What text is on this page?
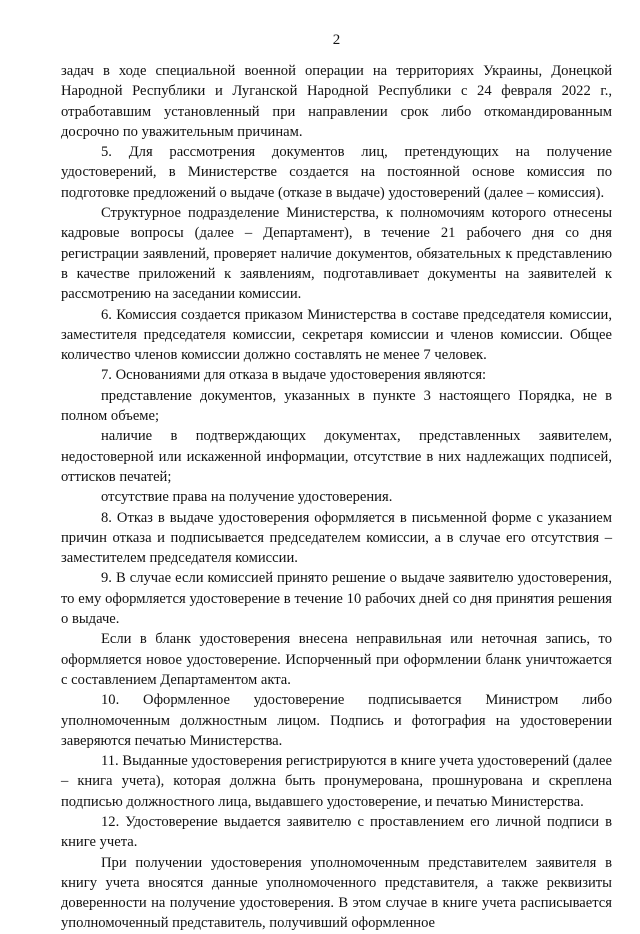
2

задач в ходе специальной военной операции на территориях Украины, Донецкой Народной Республики и Луганской Народной Республики с 24 февраля 2022 г., отработавшим установленный при направлении срок либо откомандированным досрочно по уважительным причинам.

5. Для рассмотрения документов лиц, претендующих на получение удостоверений, в Министерстве создается на постоянной основе комиссия по подготовке предложений о выдаче (отказе в выдаче) удостоверений (далее – комиссия).

Структурное подразделение Министерства, к полномочиям которого отнесены кадровые вопросы (далее – Департамент), в течение 21 рабочего дня со дня регистрации заявлений, проверяет наличие документов, обязательных к представлению в качестве приложений к заявлениям, подготавливает документы на заявителей к рассмотрению на заседании комиссии.

6. Комиссия создается приказом Министерства в составе председателя комиссии, заместителя председателя комиссии, секретаря комиссии и членов комиссии. Общее количество членов комиссии должно составлять не менее 7 человек.

7. Основаниями для отказа в выдаче удостоверения являются:

представление документов, указанных в пункте 3 настоящего Порядка, не в полном объеме;

наличие в подтверждающих документах, представленных заявителем, недостоверной или искаженной информации, отсутствие в них надлежащих подписей, оттисков печатей;

отсутствие права на получение удостоверения.

8. Отказ в выдаче удостоверения оформляется в письменной форме с указанием причин отказа и подписывается председателем комиссии, а в случае его отсутствия – заместителем председателя комиссии.

9. В случае если комиссией принято решение о выдаче заявителю удостоверения, то ему оформляется удостоверение в течение 10 рабочих дней со дня принятия решения о выдаче.

Если в бланк удостоверения внесена неправильная или неточная запись, то оформляется новое удостоверение. Испорченный при оформлении бланк уничтожается с составлением Департаментом акта.

10. Оформленное удостоверение подписывается Министром либо уполномоченным должностным лицом. Подпись и фотография на удостоверении заверяются печатью Министерства.

11. Выданные удостоверения регистрируются в книге учета удостоверений (далее – книга учета), которая должна быть пронумерована, прошнурована и скреплена подписью должностного лица, выдавшего удостоверение, и печатью Министерства.

12. Удостоверение выдается заявителю с проставлением его личной подписи в книге учета.

При получении удостоверения уполномоченным представителем заявителя в книгу учета вносятся данные уполномоченного представителя, а также реквизиты доверенности на получение удостоверения. В этом случае в книге учета расписывается уполномоченный представитель, получивший оформленное
